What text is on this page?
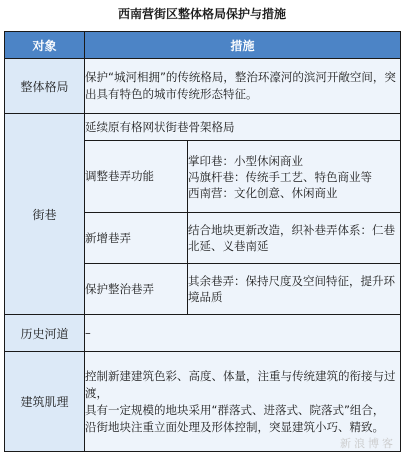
西南营街区整体格局保护与措施
对象	措施	
整体格局	保护“城河相拥”的传统格局，整治环濠河的滨河开敞空间，突出具有特色的城市传统形态特征。	
街巷	延续原有格网状街巷骨架格局	
	调整巷弄功能	掌印巷：小型休闲商业
冯旗杆巷：传统手工艺、特色商业等
西南营：文化创意、休闲商业

	新增巷弄	结合地块更新改造，织补巷弄体系：仁巷北延、义巷南延

	保护整治巷弄	其余巷弄：保持尺度及空间特征，提升环境品质

历史河道	–	
建筑肌理	控制新建建筑色彩、高度、体量，注重与传统建筑的衔接与过渡，
具有一定规模的地块采用“群落式、进落式、院落式”组合，
沿街地块注重立面处理及形体控制，突显建筑小巧、精致。	
新浪博客
